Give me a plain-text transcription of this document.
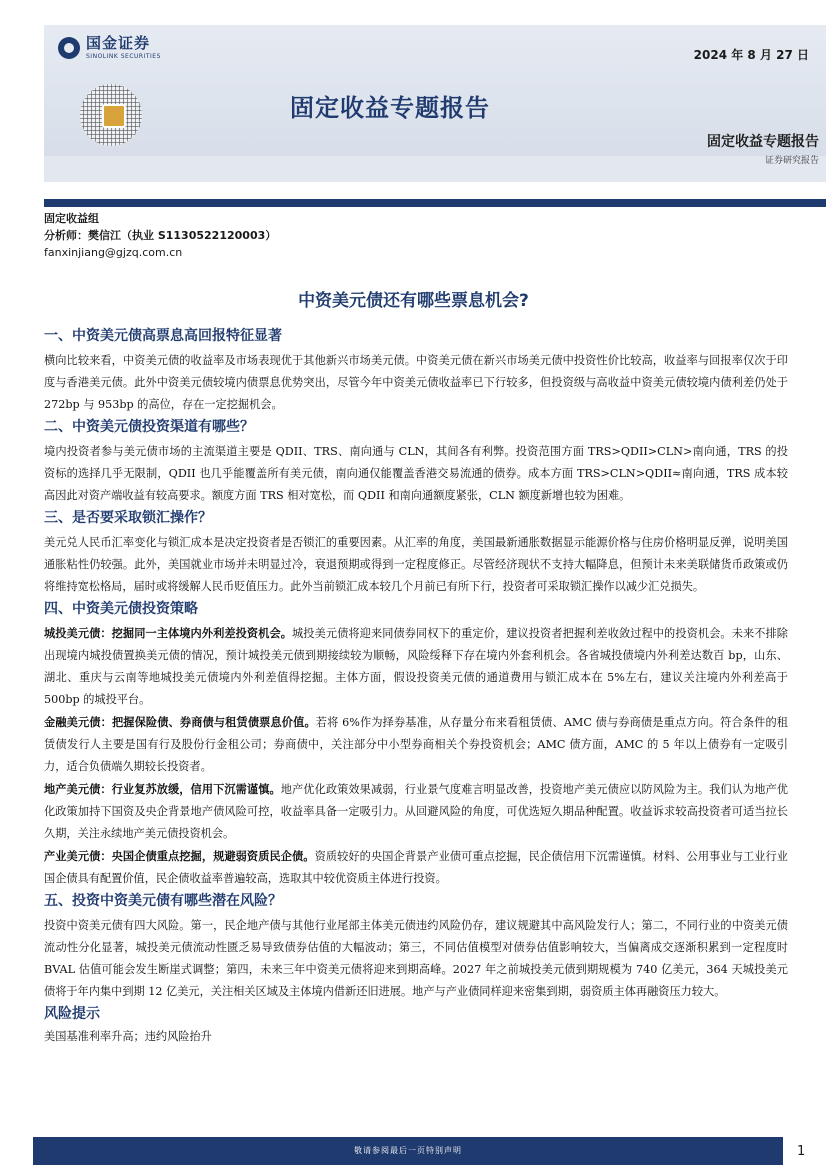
国金证券
SINOLINK SECURITIES	2024 年 8 月 27 日
固定收益专题报告
固定收益专题报告
证券研究报告
固定收益组
分析师：樊信江（执业 S1130522120003）
fanxinjiang@gjzq.com.cn
中资美元债还有哪些票息机会?
一、中资美元债高票息高回报特征显著

横向比较来看，中资美元债的收益率及市场表现优于其他新兴市场美元债。中资美元债在新兴市场美元债中投资性价比较高，收益率与回报率仅次于印度与香港美元债。此外中资美元债较境内债票息优势突出，尽管今年中资美元债收益率已下行较多，但投资级与高收益中资美元债较境内债利差仍处于 272bp 与 953bp 的高位，存在一定挖掘机会。

二、中资美元债投资渠道有哪些？

境内投资者参与美元债市场的主流渠道主要是 QDII、TRS、南向通与 CLN，其间各有利弊。投资范围方面 TRS>QDII>CLN>南向通，TRS 的投资标的选择几乎无限制，QDII 也几乎能覆盖所有美元债，南向通仅能覆盖香港交易流通的债券。成本方面 TRS>CLN>QDII≈南向通，TRS 成本较高因此对资产端收益有较高要求。额度方面 TRS 相对宽松，而 QDII 和南向通额度紧张，CLN 额度新增也较为困难。

三、是否要采取锁汇操作？

美元兑人民币汇率变化与锁汇成本是决定投资者是否锁汇的重要因素。从汇率的角度，美国最新通胀数据显示能源价格与住房价格明显反弹，说明美国通胀粘性仍较强。此外，美国就业市场并未明显过冷，衰退预期或得到一定程度修正。尽管经济现状不支持大幅降息，但预计未来美联储货币政策或仍将维持宽松格局，届时或将缓解人民币贬值压力。此外当前锁汇成本较几个月前已有所下行，投资者可采取锁汇操作以减少汇兑损失。

四、中资美元债投资策略

城投美元债：挖掘同一主体境内外利差投资机会。城投美元债将迎来同债券同权下的重定价，建议投资者把握利差收敛过程中的投资机会。未来不排除出现境内城投债置换美元债的情况，预计城投美元债到期接续较为顺畅，风险绥释下存在境内外套利机会。各省城投债境内外利差达数百 bp，山东、湖北、重庆与云南等地城投美元债境内外利差值得挖掘。主体方面，假设投资美元债的通道费用与锁汇成本在 5%左右，建议关注境内外利差高于 500bp 的城投平台。

金融美元债：把握保险债、券商债与租赁债票息价值。若将 6%作为择券基准，从存量分布来看租赁债、AMC 债与券商债是重点方向。符合条件的租赁债发行人主要是国有行及股份行金租公司；券商债中，关注部分中小型券商相关个券投资机会；AMC 债方面，AMC 的 5 年以上债券有一定吸引力，适合负债端久期较长投资者。

地产美元债：行业复苏放缓，信用下沉需谨慎。地产优化政策效果减弱，行业景气度难言明显改善，投资地产美元债应以防风险为主。我们认为地产优化政策加持下国资及央企背景地产债风险可控，收益率具备一定吸引力。从回避风险的角度，可优选短久期品种配置。收益诉求较高投资者可适当拉长久期，关注永续地产美元债投资机会。

产业美元债：央国企债重点挖掘，规避弱资质民企债。资质较好的央国企背景产业债可重点挖掘，民企债信用下沉需谨慎。材料、公用事业与工业行业国企债具有配置价值，民企债收益率普遍较高，选取其中较优资质主体进行投资。

五、投资中资美元债有哪些潜在风险？

投资中资美元债有四大风险。第一，民企地产债与其他行业尾部主体美元债违约风险仍存，建议规避其中高风险发行人；第二，不同行业的中资美元债流动性分化显著，城投美元债流动性匮乏易导致债券估值的大幅波动；第三，不同估值模型对债券估值影响较大，当偏离成交逐渐积累到一定程度时 BVAL 估值可能会发生断崖式调整；第四，未来三年中资美元债将迎来到期高峰。2027 年之前城投美元债到期规模为 740 亿美元，364 天城投美元债将于年内集中到期 12 亿美元，关注相关区域及主体境内借新还旧进展。地产与产业债同样迎来密集到期，弱资质主体再融资压力较大。

风险提示

美国基准利率升高；违约风险抬升

敬请参阅最后一页特别声明	1
